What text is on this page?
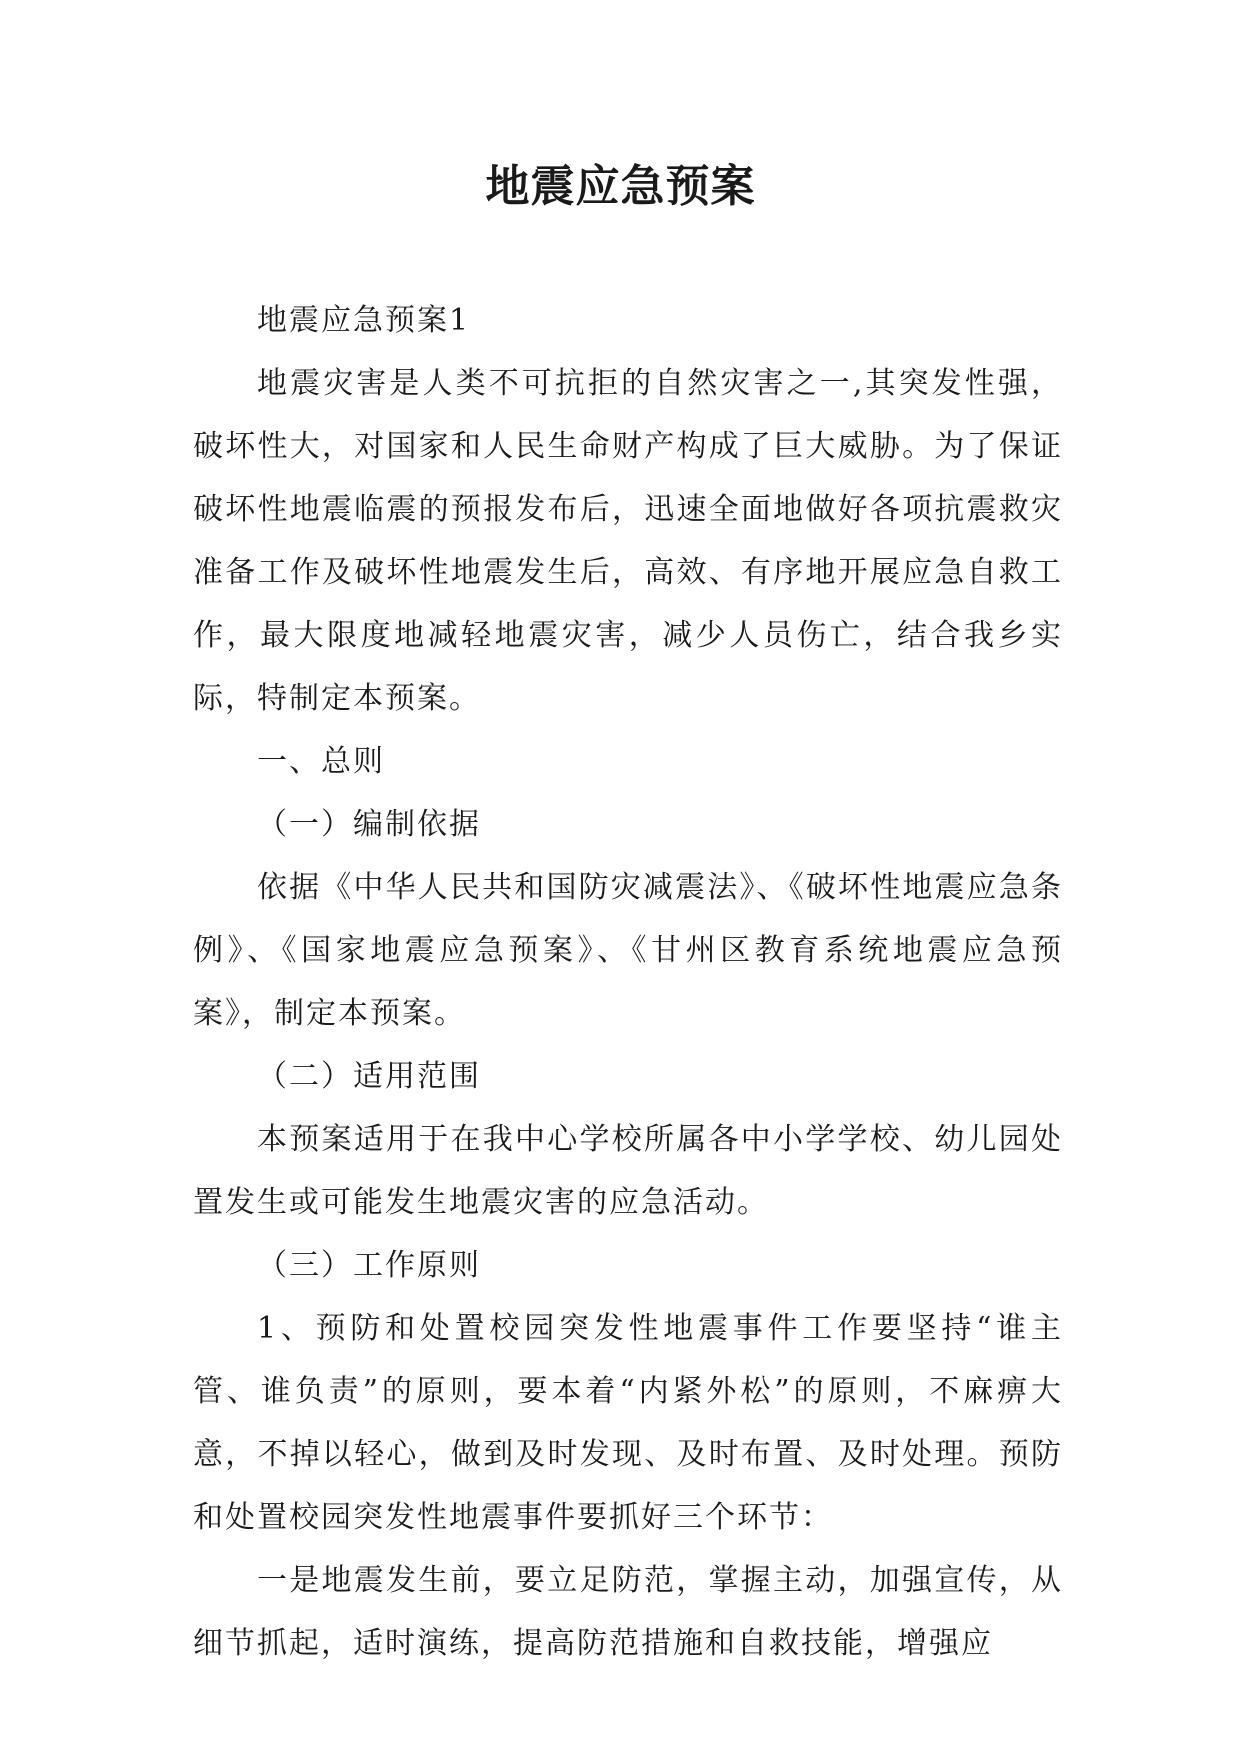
地震应急预案

地震应急预案1

地震灾害是人类不可抗拒的自然灾害之一,其突发性强，破坏性大，对国家和人民生命财产构成了巨大威胁。为了保证破坏性地震临震的预报发布后，迅速全面地做好各项抗震救灾准备工作及破坏性地震发生后，高效、有序地开展应急自救工作，最大限度地减轻地震灾害，减少人员伤亡，结合我乡实际，特制定本预案。

一、总则

（一）编制依据

依据《中华人民共和国防灾减震法》、《破坏性地震应急条例》、《国家地震应急预案》、《甘州区教育系统地震应急预案》，制定本预案。

（二）适用范围

本预案适用于在我中心学校所属各中小学学校、幼儿园处置发生或可能发生地震灾害的应急活动。

（三）工作原则

1、预防和处置校园突发性地震事件工作要坚持“谁主管、谁负责”的原则，要本着“内紧外松”的原则，不麻痹大意，不掉以轻心，做到及时发现、及时布置、及时处理。预防和处置校园突发性地震事件要抓好三个环节：

一是地震发生前，要立足防范，掌握主动，加强宣传，从细节抓起，适时演练，提高防范措施和自救技能，增强应
